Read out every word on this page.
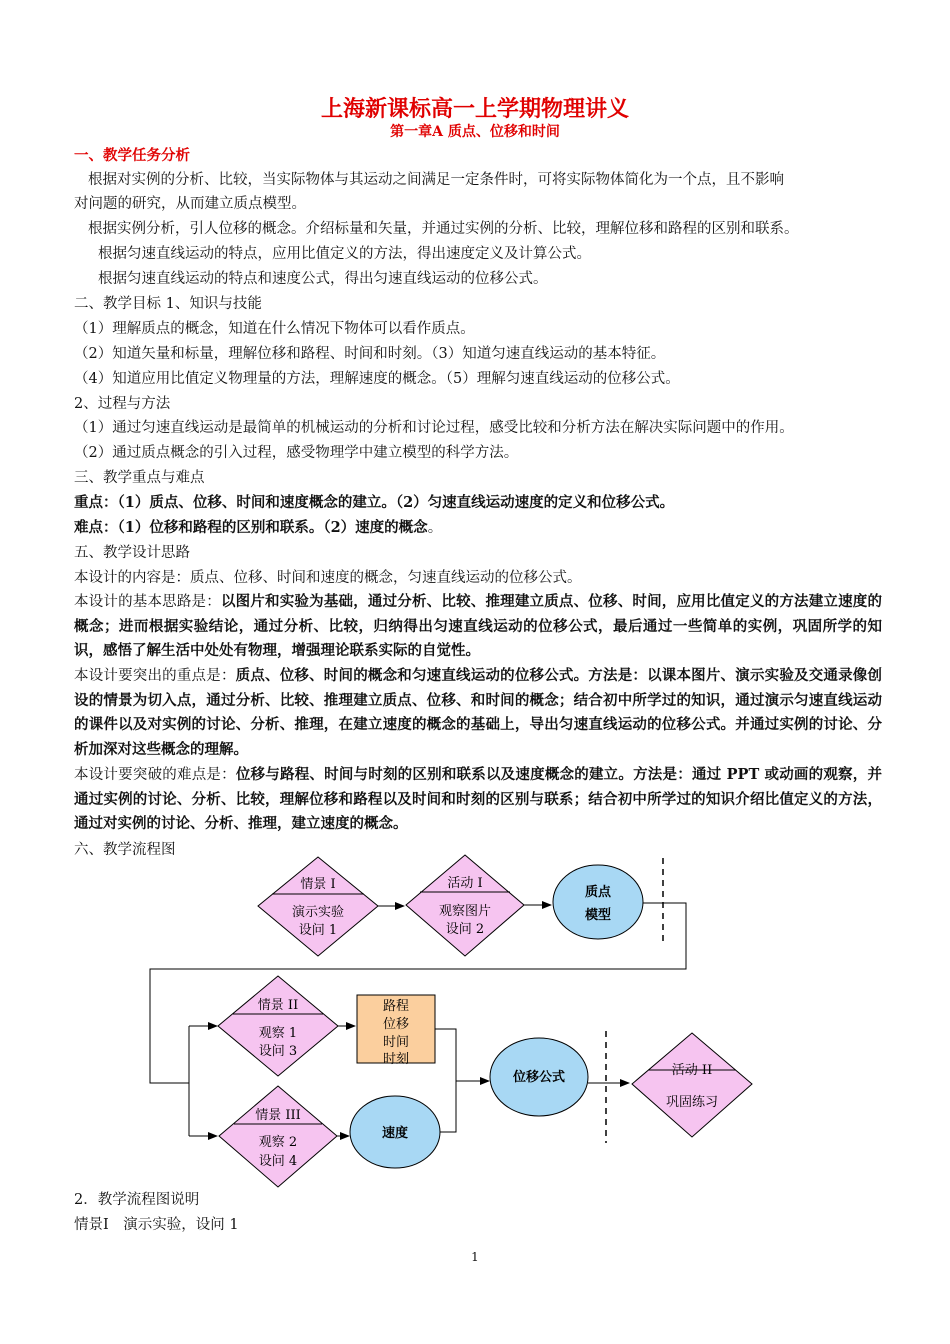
上海新课标高一上学期物理讲义
第一章A 质点、位移和时间
一、教学任务分析
根据对实例的分析、比较，当实际物体与其运动之间满足一定条件时，可将实际物体简化为一个点，且不影响
对问题的研究，从而建立质点模型。
根据实例分析，引人位移的概念。介绍标量和矢量，并通过实例的分析、比较，理解位移和路程的区别和联系。
根据匀速直线运动的特点，应用比值定义的方法，得出速度定义及计算公式。
根据匀速直线运动的特点和速度公式，得出匀速直线运动的位移公式。
二、教学目标 1、知识与技能
（1）理解质点的概念，知道在什么情况下物体可以看作质点。
（2）知道矢量和标量，理解位移和路程、时间和时刻。（3）知道匀速直线运动的基本特征。
（4）知道应用比值定义物理量的方法，理解速度的概念。（5）理解匀速直线运动的位移公式。
2、过程与方法
（1）通过匀速直线运动是最简单的机械运动的分析和讨论过程，感受比较和分析方法在解决实际问题中的作用。
（2）通过质点概念的引入过程，感受物理学中建立模型的科学方法。
三、教学重点与难点
重点：（1）质点、位移、时间和速度概念的建立。（2）匀速直线运动速度的定义和位移公式。
难点：（1）位移和路程的区别和联系。（2）速度的概念。
五、教学设计思路
本设计的内容是：质点、位移、时间和速度的概念，匀速直线运动的位移公式。
本设计的基本思路是：以图片和实验为基础，通过分析、比较、推理建立质点、位移、时间，应用比值定义的方法建立速度的概念；进而根据实验结论，通过分析、比较，归纳得出匀速直线运动的位移公式，最后通过一些简单的实例，巩固所学的知识，感悟了解生活中处处有物理，增强理论联系实际的自觉性。
本设计要突出的重点是：质点、位移、时间的概念和匀速直线运动的位移公式。方法是：以课本图片、演示实验及交通录像创设的情景为切入点，通过分析、比较、推理建立质点、位移、和时间的概念；结合初中所学过的知识，通过演示匀速直线运动的课件以及对实例的讨论、分析、推理，在建立速度的概念的基础上，导出匀速直线运动的位移公式。并通过实例的讨论、分析加深对这些概念的理解。
本设计要突破的难点是：位移与路程、时间与时刻的区别和联系以及速度概念的建立。方法是：通过 PPT 或动画的观察，并通过实例的讨论、分析、比较，理解位移和路程以及时间和时刻的区别与联系；结合初中所学过的知识介绍比值定义的方法，通过对实例的讨论、分析、推理，建立速度的概念。
六、教学流程图
情景 I
演示实验
设问 1
活动 I
观察图片
设问 2
质点
模型
情景 II
观察 1
设问 3
路程
位移
时间
时刻
情景 III
观察 2
设问 4
速度
位移公式	活动 II
巩固练习
2．教学流程图说明
情景Ⅰ　演示实验，设问 1
1
